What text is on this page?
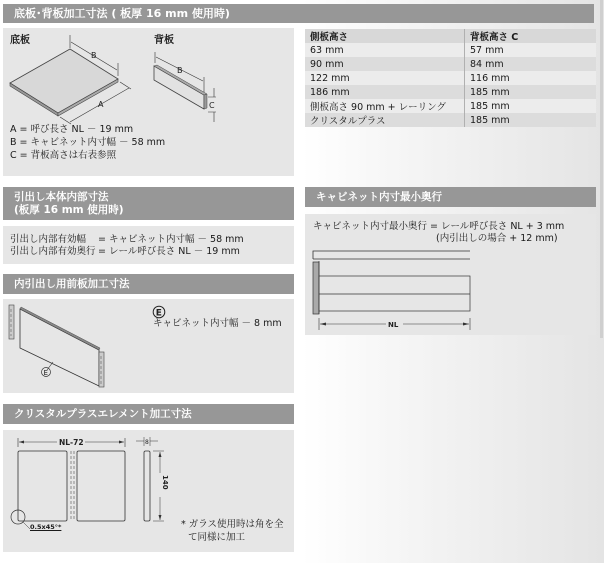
底板･背板加工寸法 ( 板厚 16 mm 使用時)
底板	背板
B
A
B
C
A = 呼び長さ NL － 19 mm
B = キャビネット内寸幅 － 58 mm
C = 背板高さは右表参照
側板高さ	背板高さ C
63 mm	57 mm
90 mm	84 mm
122 mm	116 mm
186 mm	185 mm
側板高さ 90 mm + レーリング	185 mm
クリスタルプラス	185 mm
引出し本体内部寸法
(板厚 16 mm 使用時)
引出し内部有効幅 = キャビネット内寸幅 － 58 mm
引出し内部有効奥行 = レール呼び長さ NL － 19 mm
内引出し用前板加工寸法
E
E
キャビネット内寸幅 － 8 mm
キャビネット内寸最小奥行
キャビネット内寸最小奥行 = レール呼び長さ NL + 3 mm
(内引出しの場合 + 12 mm)
NL
クリスタルプラスエレメント加工寸法
NL-72	8
140
0.5x45°*	* ガラス使用時は角を全
て同様に加工
